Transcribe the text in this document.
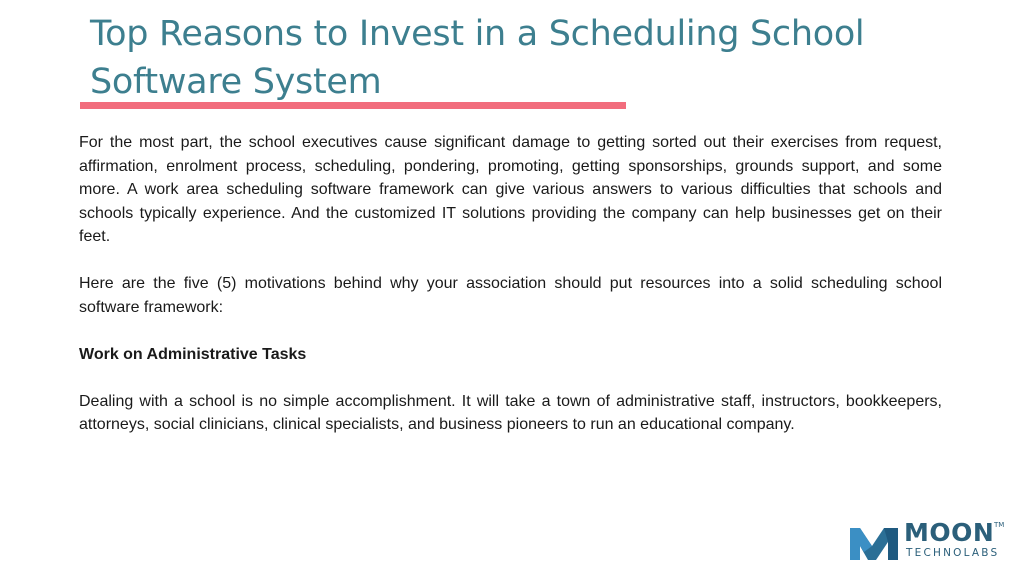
Top Reasons to Invest in a Scheduling School Software System

For the most part, the school executives cause significant damage to getting sorted out their exercises from request, affirmation, enrolment process, scheduling, pondering, promoting, getting sponsorships, grounds support, and some more. A work area scheduling software framework can give various answers to various difficulties that schools and schools typically experience. And the customized IT solutions providing the company can help businesses get on their feet.

Here are the five (5) motivations behind why your association should put resources into a solid scheduling school software framework:

Work on Administrative Tasks

Dealing with a school is no simple accomplishment. It will take a town of administrative staff, instructors, bookkeepers, attorneys, social clinicians, clinical specialists, and business pioneers to run an educational company.

MOON TM
TECHNOLABS
